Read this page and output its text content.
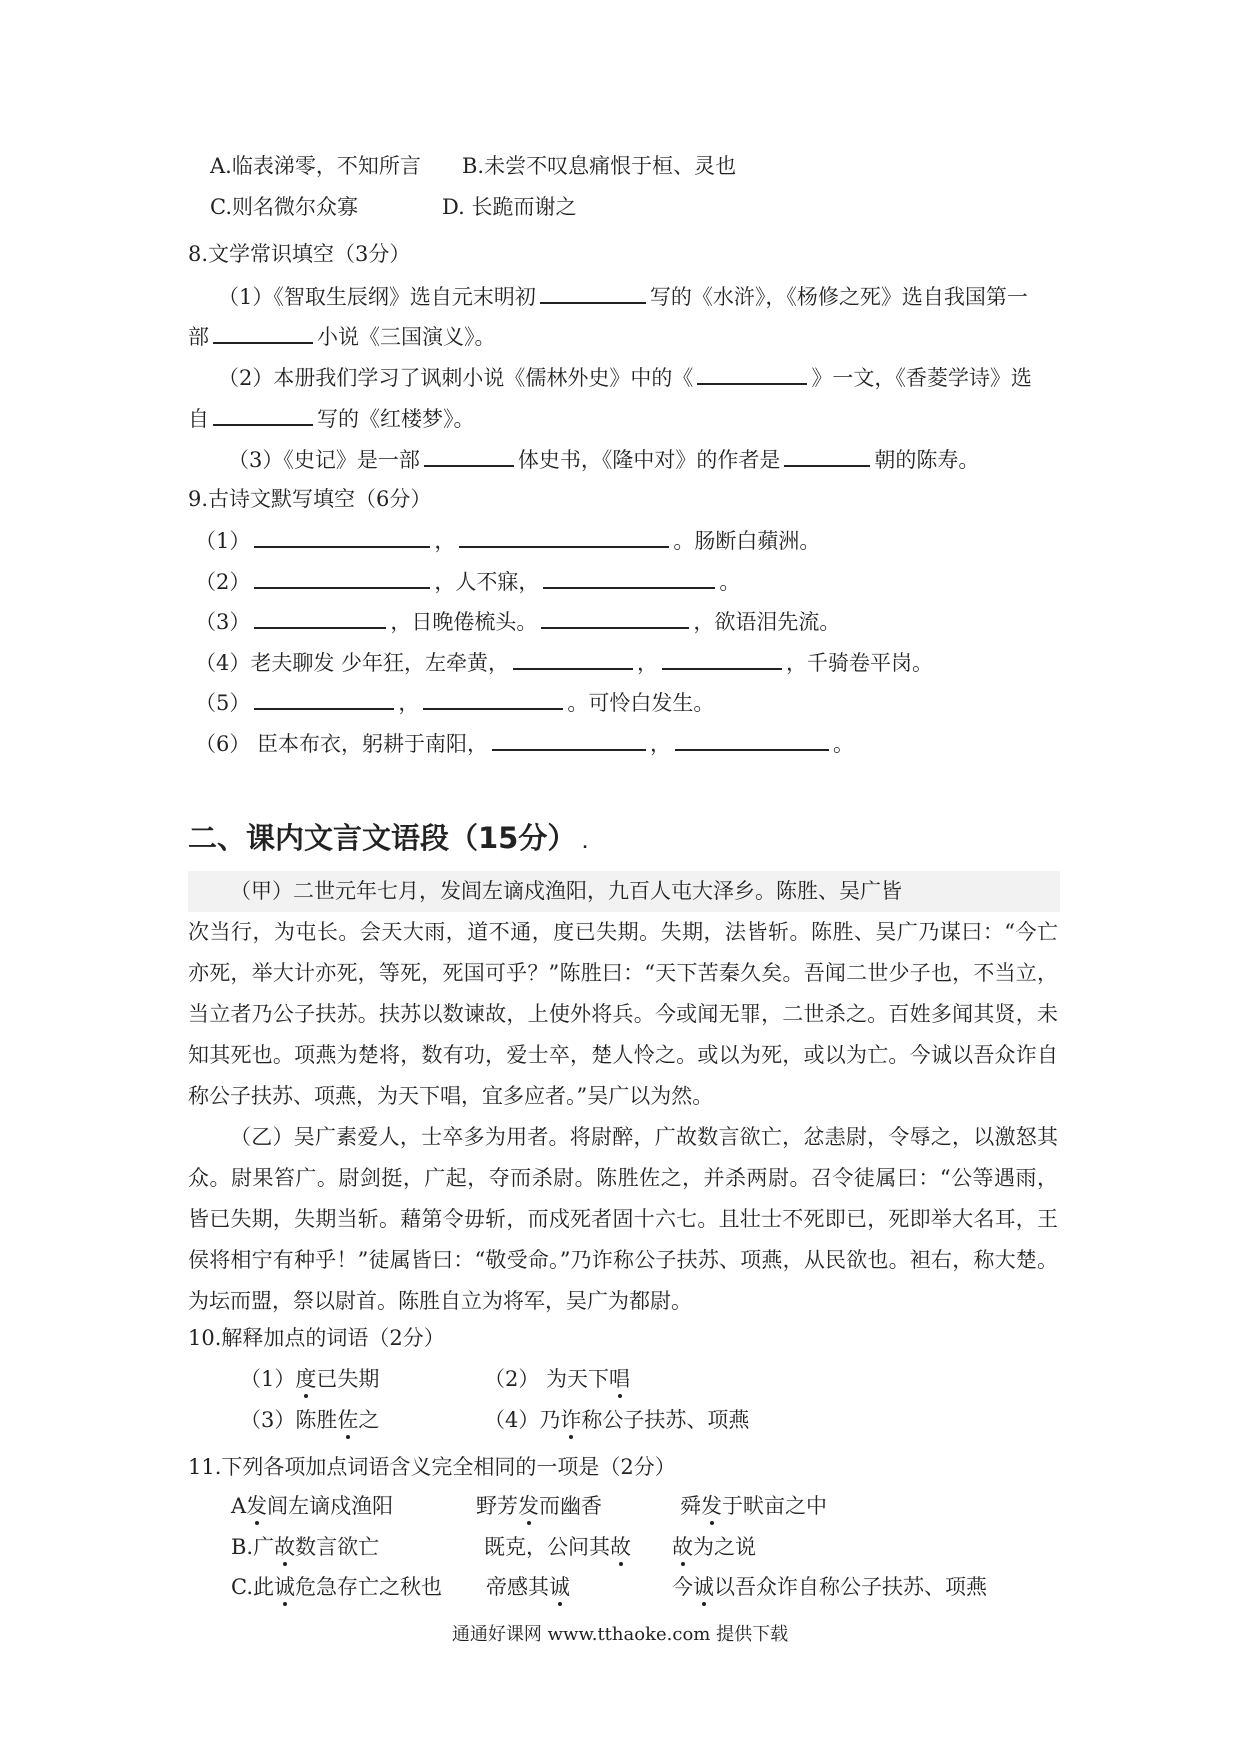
A.临表涕零，不知所言 B.未尝不叹息痛恨于桓、灵也
C.则名微尔众寡	D. 长跪而谢之
8.文学常识填空（3分）
（1）《智取生辰纲》选自元末明初	写的《水浒》，《杨修之死》选自我国第一
部	小说《三国演义》。
（2）本册我们学习了讽刺小说《儒林外史》中的《	》一文，《香菱学诗》选
自	写的《红楼梦》。
（3）《史记》是一部	体史书，《隆中对》的作者是	朝的陈寿。
9.古诗文默写填空（6分）
（1）	，	。肠断白蘋洲。
（2）	，人不寐，	。
（3）	，日晚倦梳头。	，欲语泪先流。
（4）老夫聊发 少年狂，左牵黄，	，	，千骑卷平岗。
（5）	，	。可怜白发生。
（6） 臣本布衣，躬耕于南阳，	，	。
二、课内文言文语段（15分） .
（甲）二世元年七月，发闾左谪戍渔阳，九百人屯大泽乡。陈胜、吴广皆
次当行，为屯长。会天大雨，道不通，度已失期。失期，法皆斩。陈胜、吴广乃谋曰：“今亡亦死，举大计亦死，等死，死国可乎？”陈胜曰：“天下苦秦久矣。吾闻二世少子也，不当立，当立者乃公子扶苏。扶苏以数谏故，上使外将兵。今或闻无罪，二世杀之。百姓多闻其贤，未知其死也。项燕为楚将，数有功，爱士卒，楚人怜之。或以为死，或以为亡。今诚以吾众诈自称公子扶苏、项燕，为天下唱，宜多应者。”吴广以为然。
（乙）吴广素爱人，士卒多为用者。将尉醉，广故数言欲亡，忿恚尉，令辱之，以激怒其众。尉果笞广。尉剑挺，广起，夺而杀尉。陈胜佐之，并杀两尉。召令徒属曰：“公等遇雨，皆已失期，失期当斩。藉第令毋斩，而戍死者固十六七。且壮士不死即已，死即举大名耳，王侯将相宁有种乎！”徒属皆曰：“敬受命。”乃诈称公子扶苏、项燕，从民欲也。袒右，称大楚。为坛而盟，祭以尉首。陈胜自立为将军，吴广为都尉。
10.解释加点的词语（2分）
（1）度已失期	（2） 为天下唱
（3）陈胜佐之	（4）乃诈称公子扶苏、项燕
11.下列各项加点词语含义完全相同的一项是（2分）
A发闾左谪戍渔阳	野芳发而幽香	舜发于畎亩之中
B.广故数言欲亡	既克，公问其故 故为之说
C.此诚危急存亡之秋也 帝感其诚	今诚以吾众诈自称公子扶苏、项燕
通通好课网 www.tthaoke.com 提供下载
